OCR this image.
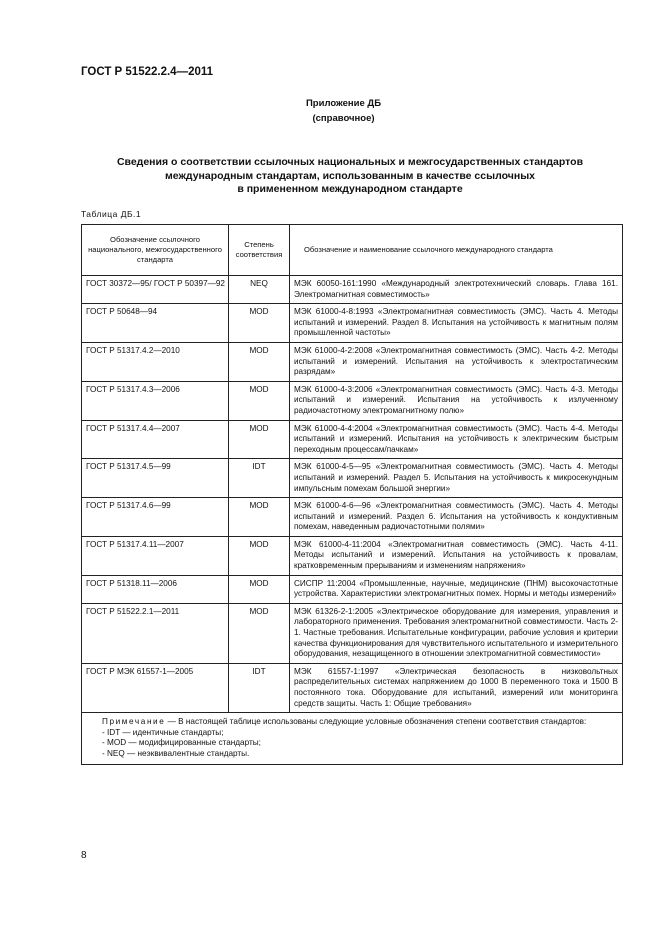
ГОСТ Р 51522.2.4—2011
Приложение ДБ
(справочное)
Сведения о соответствии ссылочных национальных и межгосударственных стандартов
международным стандартам, использованным в качестве ссылочных
в примененном международном стандарте
Таблица ДБ.1
Обозначение ссылочного национального, межгосударственного стандарта	Степень соответствия	Обозначение и наименование ссылочного международного стандарта
ГОСТ 30372—95/ ГОСТ Р 50397—92	NEQ	МЭК 60050-161:1990 «Международный электротехнический словарь. Глава 161. Электромагнитная совместимость»
ГОСТ Р 50648—94	MOD	МЭК 61000-4-8:1993 «Электромагнитная совместимость (ЭМС). Часть 4. Методы испытаний и измерений. Раздел 8. Испытания на устойчивость к магнитным полям промышленной частоты»
ГОСТ Р 51317.4.2—2010	MOD	МЭК 61000-4-2:2008 «Электромагнитная совместимость (ЭМС). Часть 4-2. Методы испытаний и измерений. Испытания на устойчивость к электростатическим разрядам»
ГОСТ Р 51317.4.3—2006	MOD	МЭК 61000-4-3:2006 «Электромагнитная совместимость (ЭМС). Часть 4-3. Методы испытаний и измерений. Испытания на устойчивость к излученному радиочастотному электромагнитному полю»
ГОСТ Р 51317.4.4—2007	MOD	МЭК 61000-4-4:2004 «Электромагнитная совместимость (ЭМС). Часть 4-4. Методы испытаний и измерений. Испытания на устойчивость к электрическим быстрым переходным процессам/пачкам»
ГОСТ Р 51317.4.5—99	IDT	МЭК 61000-4-5—95 «Электромагнитная совместимость (ЭМС). Часть 4. Методы испытаний и измерений. Раздел 5. Испытания на устойчивость к микросекундным импульсным помехам большой энергии»
ГОСТ Р 51317.4.6—99	MOD	МЭК 61000-4-6—96 «Электромагнитная совместимость (ЭМС). Часть 4. Методы испытаний и измерений. Раздел 6. Испытания на устойчивость к кондуктивным помехам, наведенным радиочастотными полями»
ГОСТ Р 51317.4.11—2007	MOD	МЭК 61000-4-11:2004 «Электромагнитная совместимость (ЭМС). Часть 4-11. Методы испытаний и измерений. Испытания на устойчивость к провалам, кратковременным прерываниям и изменениям напряжения»
ГОСТ Р 51318.11—2006	MOD	СИСПР 11:2004 «Промышленные, научные, медицинские (ПНМ) высокочастотные устройства. Характеристики электромагнитных помех. Нормы и методы измерений»
ГОСТ Р 51522.2.1—2011	MOD	МЭК 61326-2-1:2005 «Электрическое оборудование для измерения, управления и лабораторного применения. Требования электромагнитной совместимости. Часть 2-1. Частные требования. Испытательные конфигурации, рабочие условия и критерии качества функционирования для чувствительного испытательного и измерительного оборудования, незащищенного в отношении электромагнитной совместимости»
ГОСТ Р МЭК 61557-1—2005	IDT	МЭК 61557-1:1997 «Электрическая безопасность в низковольтных распределительных системах напряжением до 1000 В переменного тока и 1500 В постоянного тока. Оборудование для испытаний, измерений или мониторинга средств защиты. Часть 1: Общие требования»

Примечание — В настоящей таблице использованы следующие условные обозначения степени соответствия стандартов:
- IDT — идентичные стандарты;
- MOD — модифицированные стандарты;
- NEQ — неэквивалентные стандарты.		
8
